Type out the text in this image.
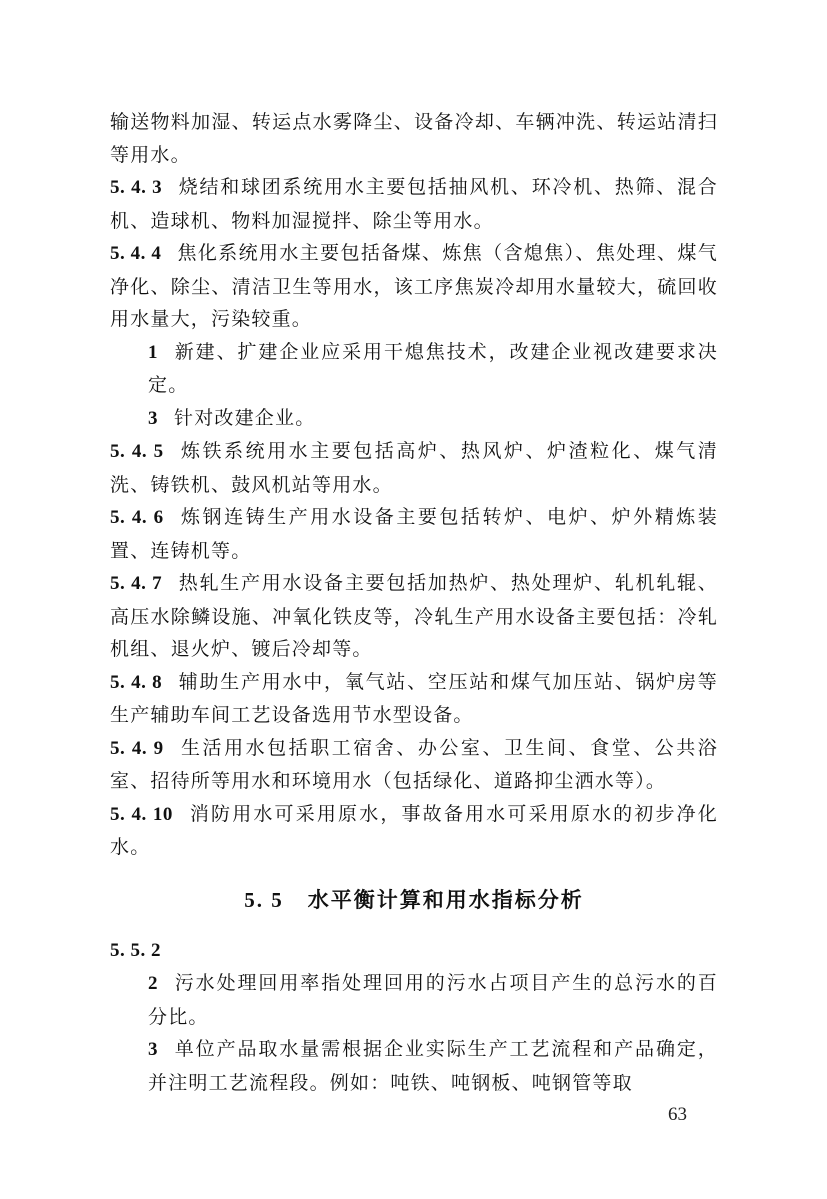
输送物料加湿、转运点水雾降尘、设备冷却、车辆冲洗、转运站清扫等用水。

5. 4. 3 烧结和球团系统用水主要包括抽风机、环冷机、热筛、混合机、造球机、物料加湿搅拌、除尘等用水。

5. 4. 4 焦化系统用水主要包括备煤、炼焦（含熄焦）、焦处理、煤气净化、除尘、清洁卫生等用水，该工序焦炭冷却用水量较大，硫回收用水量大，污染较重。

1 新建、扩建企业应采用干熄焦技术，改建企业视改建要求决定。

3 针对改建企业。

5. 4. 5 炼铁系统用水主要包括高炉、热风炉、炉渣粒化、煤气清洗、铸铁机、鼓风机站等用水。

5. 4. 6 炼钢连铸生产用水设备主要包括转炉、电炉、炉外精炼装置、连铸机等。

5. 4. 7 热轧生产用水设备主要包括加热炉、热处理炉、轧机轧辊、高压水除鳞设施、冲氧化铁皮等，冷轧生产用水设备主要包括：冷轧机组、退火炉、镀后冷却等。

5. 4. 8 辅助生产用水中，氧气站、空压站和煤气加压站、锅炉房等生产辅助车间工艺设备选用节水型设备。

5. 4. 9 生活用水包括职工宿舍、办公室、卫生间、食堂、公共浴室、招待所等用水和环境用水（包括绿化、道路抑尘洒水等）。

5. 4. 10 消防用水可采用原水，事故备用水可采用原水的初步净化水。

5. 5 水平衡计算和用水指标分析

5. 5. 2

2 污水处理回用率指处理回用的污水占项目产生的总污水的百分比。

3 单位产品取水量需根据企业实际生产工艺流程和产品确定，并注明工艺流程段。例如：吨铁、吨钢板、吨钢管等取

63
